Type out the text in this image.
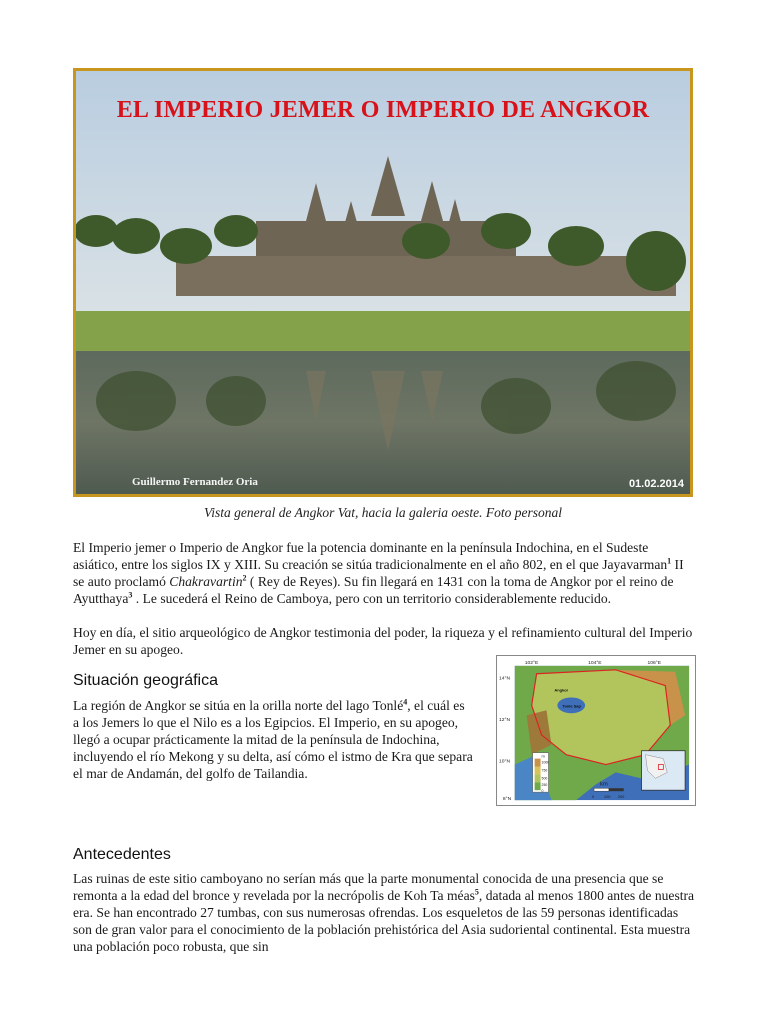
EL IMPERIO JEMER O IMPERIO DE ANGKOR
Guillermo Fernandez Oria	01.02.2014
Vista general de Angkor Vat, hacia la galeria oeste. Foto personal

El Imperio jemer o Imperio de Angkor fue la potencia dominante en la península Indochina, en el Sudeste asiático, entre los siglos IX y XIII. Su creación se sitúa tradicionalmente en el año 802, en el que Jayavarman$^1$ II se auto proclamó Chakravartin$^2$ ( Rey de Reyes). Su fin llegará en 1431 con la toma de Angkor por el reino de Ayutthaya$^3$ . Le sucederá el Reino de Camboya, pero con un territorio considerablemente reducido.

Hoy en día, el sitio arqueológico de Angkor testimonia del poder, la riqueza y el refinamiento cultural del Imperio Jemer en su apogeo.

Situación geográfica

La región de Angkor se sitúa en la orilla norte del lago Tonlé$^4$, el cuál es a los Jemers lo que el Nilo es a los Egipcios. El Imperio, en su apogeo, llegó a ocupar prácticamente la mitad de la península de Indochina, incluyendo el río Mekong y su delta, así cómo el istmo de Kra que separa el mar de Andamán, del golfo de Tailandia.

102°E	104°E	106°E
14°N
12°N
10°N
8°N
m
1000
750
500
250
0
km
0 100 200
Angkor
Tonle Sap
Antecedentes

Las ruinas de este sitio camboyano no serían más que la parte monumental conocida de una presencia que se remonta a la edad del bronce y revelada por la necrópolis de Koh Ta méas$^5$, datada al menos 1800 antes de nuestra era. Se han encontrado 27 tumbas, con sus numerosas ofrendas. Los esqueletos de las 59 personas identificadas son de gran valor para el conocimiento de la población prehistórica del Asia sudoriental continental. Esta muestra una población poco robusta, que sin
